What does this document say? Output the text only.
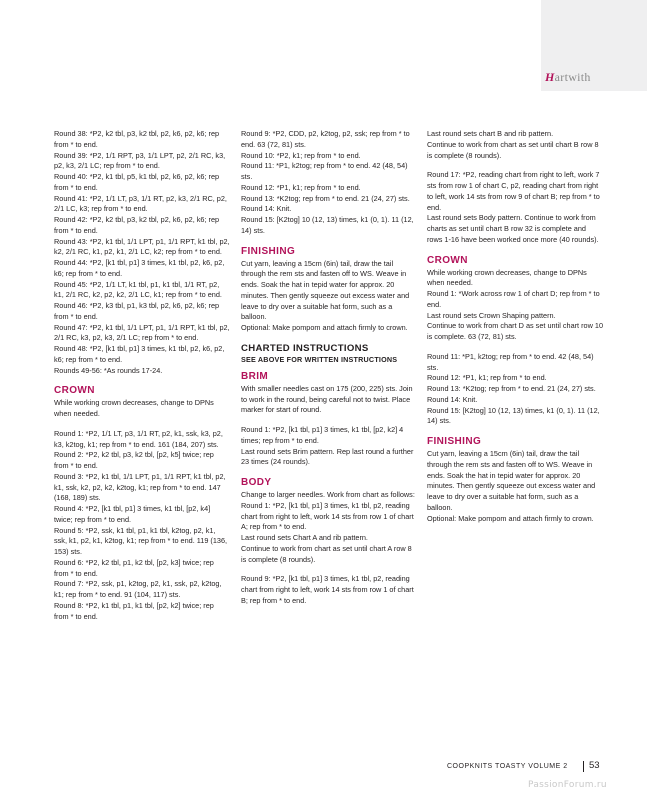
Hartwith

Round 38: *P2, k2 tbl, p3, k2 tbl, p2, k6, p2, k6; rep from * to end.
Round 39: *P2, 1/1 RPT, p3, 1/1 LPT, p2, 2/1 RC, k3, p2, k3, 2/1 LC; rep from * to end.
Round 40: *P2, k1 tbl, p5, k1 tbl, p2, k6, p2, k6; rep from * to end.
Round 41: *P2, 1/1 LT, p3, 1/1 RT, p2, k3, 2/1 RC, p2, 2/1 LC, k3; rep from * to end.
Round 42: *P2, k2 tbl, p3, k2 tbl, p2, k6, p2, k6; rep from * to end.
Round 43: *P2, k1 tbl, 1/1 LPT, p1, 1/1 RPT, k1 tbl, p2, k2, 2/1 RC, k1, p2, k1, 2/1 LC, k2; rep from * to end.
Round 44: *P2, [k1 tbl, p1] 3 times, k1 tbl, p2, k6, p2, k6; rep from * to end.
Round 45: *P2, 1/1 LT, k1 tbl, p1, k1 tbl, 1/1 RT, p2, k1, 2/1 RC, k2, p2, k2, 2/1 LC, k1; rep from * to end.
Round 46: *P2, k3 tbl, p1, k3 tbl, p2, k6, p2, k6; rep from * to end.
Round 47: *P2, k1 tbl, 1/1 LPT, p1, 1/1 RPT, k1 tbl, p2, 2/1 RC, k3, p2, k3, 2/1 LC; rep from * to end.
Round 48: *P2, [k1 tbl, p1] 3 times, k1 tbl, p2, k6, p2, k6; rep from * to end.
Rounds 49-56: *As rounds 17-24.

CROWN

While working crown decreases, change to DPNs when needed.

Round 1: *P2, 1/1 LT, p3, 1/1 RT, p2, k1, ssk, k3, p2, k3, k2tog, k1; rep from * to end. 161 (184, 207) sts.
Round 2: *P2, k2 tbl, p3, k2 tbl, [p2, k5] twice; rep from * to end.
Round 3: *P2, k1 tbl, 1/1 LPT, p1, 1/1 RPT, k1 tbl, p2, k1, ssk, k2, p2, k2, k2tog, k1; rep from * to end. 147 (168, 189) sts.
Round 4: *P2, [k1 tbl, p1] 3 times, k1 tbl, [p2, k4] twice; rep from * to end.
Round 5: *P2, ssk, k1 tbl, p1, k1 tbl, k2tog, p2, k1, ssk, k1, p2, k1, k2tog, k1; rep from * to end. 119 (136, 153) sts.
Round 6: *P2, k2 tbl, p1, k2 tbl, [p2, k3] twice; rep from * to end.
Round 7: *P2, ssk, p1, k2tog, p2, k1, ssk, p2, k2tog, k1; rep from * to end. 91 (104, 117) sts.
Round 8: *P2, k1 tbl, p1, k1 tbl, [p2, k2] twice; rep from * to end.

Round 9: *P2, CDD, p2, k2tog, p2, ssk; rep from * to end. 63 (72, 81) sts.
Round 10: *P2, k1; rep from * to end.
Round 11: *P1, k2tog; rep from * to end. 42 (48, 54) sts.
Round 12: *P1, k1; rep from * to end.
Round 13: *K2tog; rep from * to end. 21 (24, 27) sts.
Round 14: Knit.
Round 15: [K2tog] 10 (12, 13) times, k1 (0, 1). 11 (12, 14) sts.

FINISHING

Cut yarn, leaving a 15cm (6in) tail, draw the tail through the rem sts and fasten off to WS. Weave in ends. Soak the hat in tepid water for approx. 20 minutes. Then gently squeeze out excess water and leave to dry over a suitable hat form, such as a balloon.
Optional: Make pompom and attach firmly to crown.

CHARTED INSTRUCTIONS

SEE ABOVE FOR WRITTEN INSTRUCTIONS

BRIM

With smaller needles cast on 175 (200, 225) sts. Join to work in the round, being careful not to twist. Place marker for start of round.

Round 1: *P2, [k1 tbl, p1] 3 times, k1 tbl, [p2, k2] 4 times; rep from * to end.
Last round sets Brim pattern. Rep last round a further 23 times (24 rounds).

BODY

Change to larger needles. Work from chart as follows:
Round 1: *P2, [k1 tbl, p1] 3 times, k1 tbl, p2, reading chart from right to left, work 14 sts from row 1 of chart A; rep from * to end.
Last round sets Chart A and rib pattern.
Continue to work from chart as set until chart A row 8 is complete (8 rounds).

Round 9: *P2, [k1 tbl, p1] 3 times, k1 tbl, p2, reading chart from right to left, work 14 sts from row 1 of chart B; rep from * to end.

Last round sets chart B and rib pattern.
Continue to work from chart as set until chart B row 8 is complete (8 rounds).

Round 17: *P2, reading chart from right to left, work 7 sts from row 1 of chart C, p2, reading chart from right to left, work 14 sts from row 9 of chart B; rep from * to end.
Last round sets Body pattern. Continue to work from charts as set until chart B row 32 is complete and rows 1-16 have been worked once more (40 rounds).

CROWN

While working crown decreases, change to DPNs when needed.
Round 1: *Work across row 1 of chart D; rep from * to end.
Last round sets Crown Shaping pattern.
Continue to work from chart D as set until chart row 10 is complete. 63 (72, 81) sts.

Round 11: *P1, k2tog; rep from * to end. 42 (48, 54) sts.
Round 12: *P1, k1; rep from * to end.
Round 13: *K2tog; rep from * to end. 21 (24, 27) sts.
Round 14: Knit.
Round 15: [K2tog] 10 (12, 13) times, k1 (0, 1). 11 (12, 14) sts.

FINISHING

Cut yarn, leaving a 15cm (6in) tail, draw the tail through the rem sts and fasten off to WS. Weave in ends. Soak the hat in tepid water for approx. 20 minutes. Then gently squeeze out excess water and leave to dry over a suitable hat form, such as a balloon.
Optional: Make pompom and attach firmly to crown.

COOPKNITS TOASTY VOLUME 2 53
PassionForum.ru
